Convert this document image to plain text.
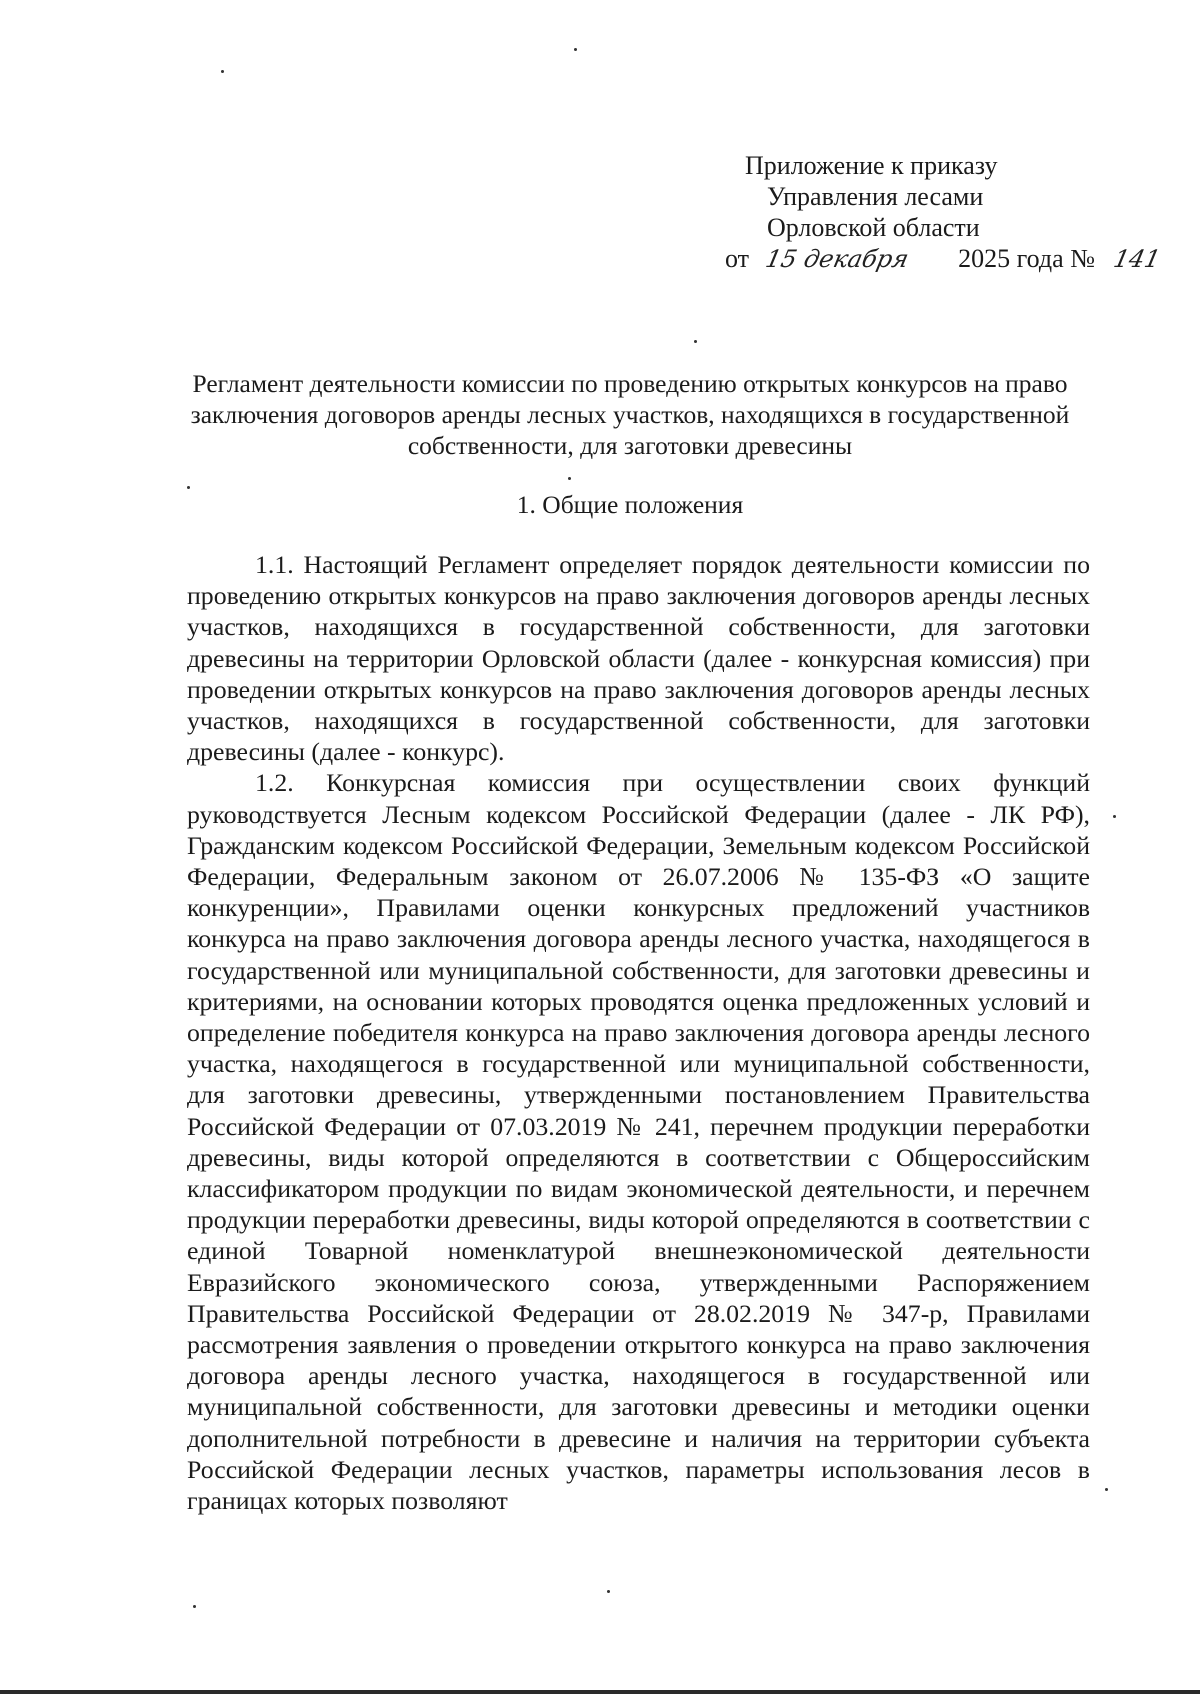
Приложение к приказу
Управления лесами
Орловской области
от 15 декабря 2025 года № 141
Регламент деятельности комиссии по проведению открытых конкурсов на право заключения договоров аренды лесных участков, находящихся в государственной собственности, для заготовки древесины
1. Общие положения

1.1. Настоящий Регламент определяет порядок деятельности комиссии по проведению открытых конкурсов на право заключения договоров аренды лесных участков, находящихся в государственной собственности, для заготовки древесины на территории Орловской области (далее - конкурсная комиссия) при проведении открытых конкурсов на право заключения договоров аренды лесных участков, находящихся в государственной собственности, для заготовки древесины (далее - конкурс).

1.2. Конкурсная комиссия при осуществлении своих функций руководствуется Лесным кодексом Российской Федерации (далее - ЛК РФ), Гражданским кодексом Российской Федерации, Земельным кодексом Российской Федерации, Федеральным законом от 26.07.2006 № 135-ФЗ «О защите конкуренции», Правилами оценки конкурсных предложений участников конкурса на право заключения договора аренды лесного участка, находящегося в государственной или муниципальной собственности, для заготовки древесины и критериями, на основании которых проводятся оценка предложенных условий и определение победителя конкурса на право заключения договора аренды лесного участка, находящегося в государственной или муниципальной собственности, для заготовки древесины, утвержденными постановлением Правительства Российской Федерации от 07.03.2019 № 241, перечнем продукции переработки древесины, виды которой определяются в соответствии с Общероссийским классификатором продукции по видам экономической деятельности, и перечнем продукции переработки древесины, виды которой определяются в соответствии с единой Товарной номенклатурой внешнеэкономической деятельности Евразийского экономического союза, утвержденными Распоряжением Правительства Российской Федерации от 28.02.2019 № 347-р, Правилами рассмотрения заявления о проведении открытого конкурса на право заключения договора аренды лесного участка, находящегося в государственной или муниципальной собственности, для заготовки древесины и методики оценки дополнительной потребности в древесине и наличия на территории субъекта Российской Федерации лесных участков, параметры использования лесов в границах которых позволяют
